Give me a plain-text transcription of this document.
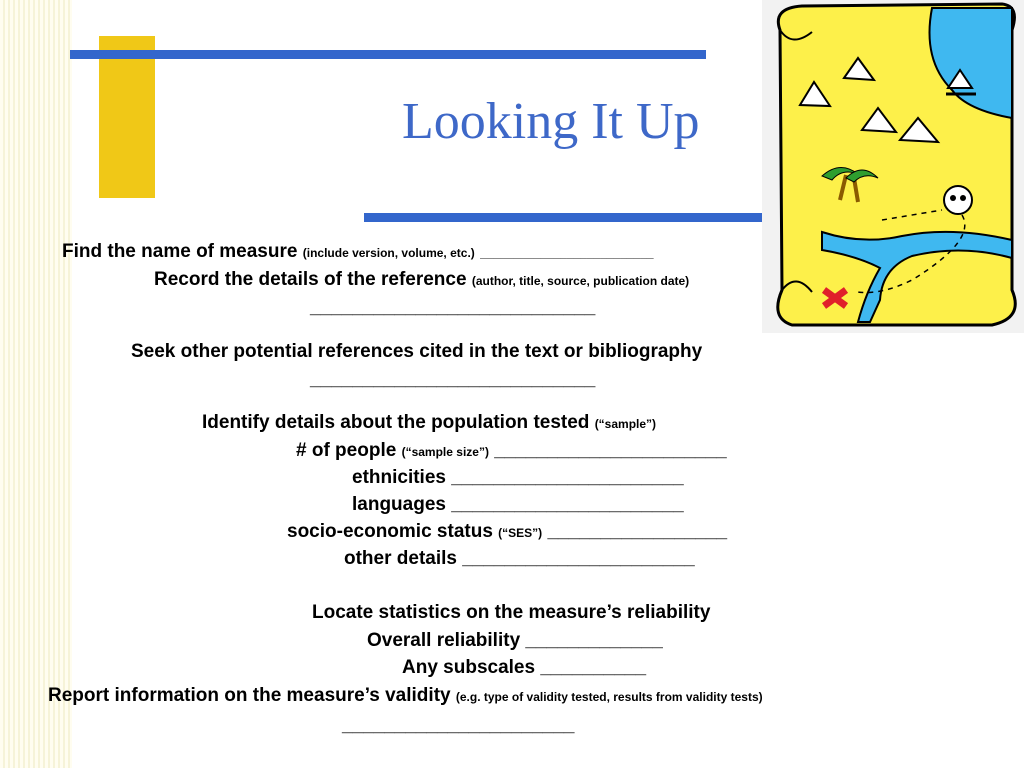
Looking It Up
Find the name of measure (include version, volume, etc.) __________________________
Record the details of the reference (author, title, source, publication date)
___________________________
Seek other potential references cited in the text or bibliography
___________________________
Identify details about the population tested (“sample”)
# of people (“sample size”) ______________________
ethnicities ______________________
languages ______________________
socio-economic status (“SES”) _________________
other details ______________________
Locate statistics on the measure’s reliability
Overall reliability _____________
Any subscales __________
Report information on the measure’s validity (e.g. type of validity tested, results from validity tests)
______________________
